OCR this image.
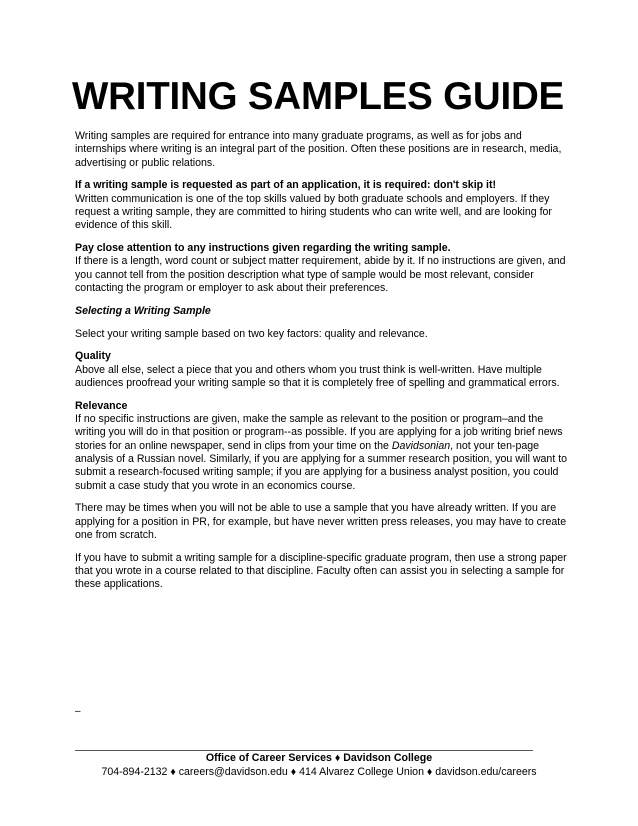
WRITING SAMPLES GUIDE

Writing samples are required for entrance into many graduate programs, as well as for jobs and internships where writing is an integral part of the position. Often these positions are in research, media, advertising or public relations.

If a writing sample is requested as part of an application, it is required: don't skip it!
Written communication is one of the top skills valued by both graduate schools and employers. If they request a writing sample, they are committed to hiring students who can write well, and are looking for evidence of this skill.

Pay close attention to any instructions given regarding the writing sample.
If there is a length, word count or subject matter requirement, abide by it. If no instructions are given, and you cannot tell from the position description what type of sample would be most relevant, consider contacting the program or employer to ask about their preferences.

Selecting a Writing Sample

Select your writing sample based on two key factors: quality and relevance.

Quality
Above all else, select a piece that you and others whom you trust think is well-written. Have multiple audiences proofread your writing sample so that it is completely free of spelling and grammatical errors.

Relevance
If no specific instructions are given, make the sample as relevant to the position or program–and the writing you will do in that position or program--as possible. If you are applying for a job writing brief news stories for an online newspaper, send in clips from your time on the Davidsonian, not your ten-page analysis of a Russian novel. Similarly, if you are applying for a summer research position, you will want to submit a research-focused writing sample; if you are applying for a business analyst position, you could submit a case study that you wrote in an economics course.

There may be times when you will not be able to use a sample that you have already written. If you are applying for a position in PR, for example, but have never written press releases, you may have to create one from scratch.

If you have to submit a writing sample for a discipline-specific graduate program, then use a strong paper that you wrote in a course related to that discipline. Faculty often can assist you in selecting a sample for these applications.

–
Office of Career Services ♦ Davidson College
704-894-2132 ♦ careers@davidson.edu ♦ 414 Alvarez College Union ♦ davidson.edu/careers
